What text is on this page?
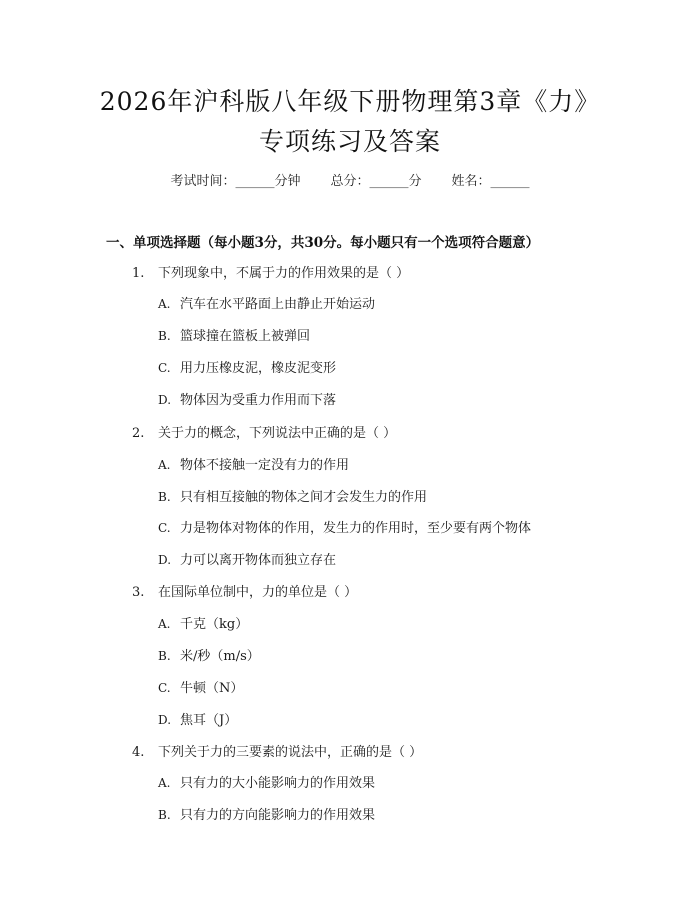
2026年沪科版八年级下册物理第3章《力》
专项练习及答案
考试时间：______分钟 总分：______分 姓名：______
一、单项选择题（每小题3分，共30分。每小题只有一个选项符合题意）
1. 下列现象中，不属于力的作用效果的是（ ）
A. 汽车在水平路面上由静止开始运动
B. 篮球撞在篮板上被弹回
C. 用力压橡皮泥，橡皮泥变形
D. 物体因为受重力作用而下落
2. 关于力的概念，下列说法中正确的是（ ）
A. 物体不接触一定没有力的作用
B. 只有相互接触的物体之间才会发生力的作用
C. 力是物体对物体的作用，发生力的作用时，至少要有两个物体
D. 力可以离开物体而独立存在
3. 在国际单位制中，力的单位是（ ）
A. 千克（kg）
B. 米/秒（m/s）
C. 牛顿（N）
D. 焦耳（J）
4. 下列关于力的三要素的说法中，正确的是（ ）
A. 只有力的大小能影响力的作用效果
B. 只有力的方向能影响力的作用效果
